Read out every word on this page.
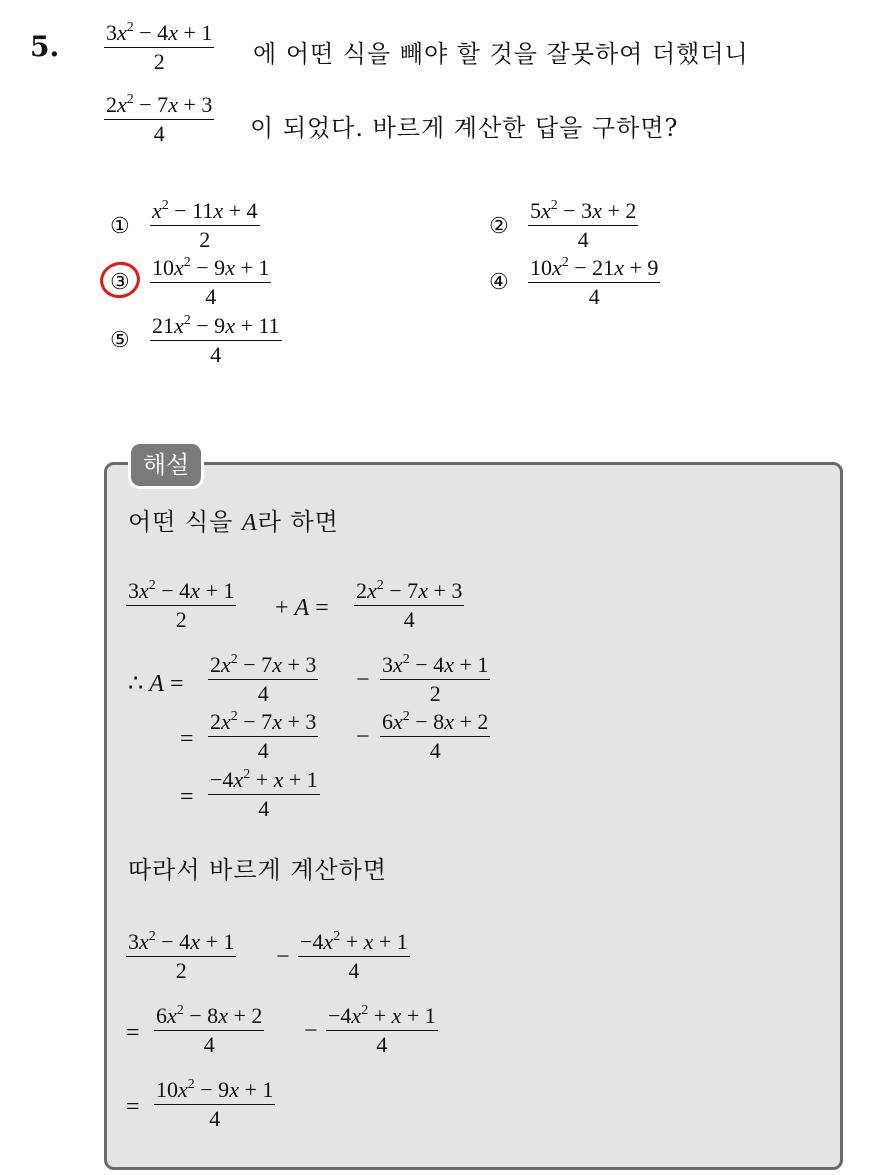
5. $\frac{3x^2 - 4x + 1}{2}$ 에 어떤 식을 빼야 할 것을 잘못하여 더했더니
$\frac{2x^2 - 7x + 3}{4}$ 이 되었다. 바르게 계산한 답을 구하면?
① $\frac{x^2 - 11x + 4}{2}$	② $\frac{5x^2 - 3x + 2}{4}$
③ $\frac{10x^2 - 9x + 1}{4}$	④ $\frac{10x^2 - 21x + 9}{4}$
⑤ $\frac{21x^2 - 9x + 11}{4}$
해설
어떤 식을 A라 하면
$\frac{3x^2 - 4x + 1}{2} + A = \frac{2x^2 - 7x + 3}{4}$
∴ $A = \frac{2x^2 - 7x + 3}{4} - \frac{3x^2 - 4x + 1}{2}$
= $\frac{2x^2 - 7x + 3}{4} - \frac{6x^2 - 8x + 2}{4}$
= $\frac{-4x^2 + x + 1}{4}$
따라서 바르게 계산하면
$\frac{3x^2 - 4x + 1}{2} - \frac{-4x^2 + x + 1}{4}$
= $\frac{6x^2 - 8x + 2}{4} - \frac{-4x^2 + x + 1}{4}$
= $\frac{10x^2 - 9x + 1}{4}$
